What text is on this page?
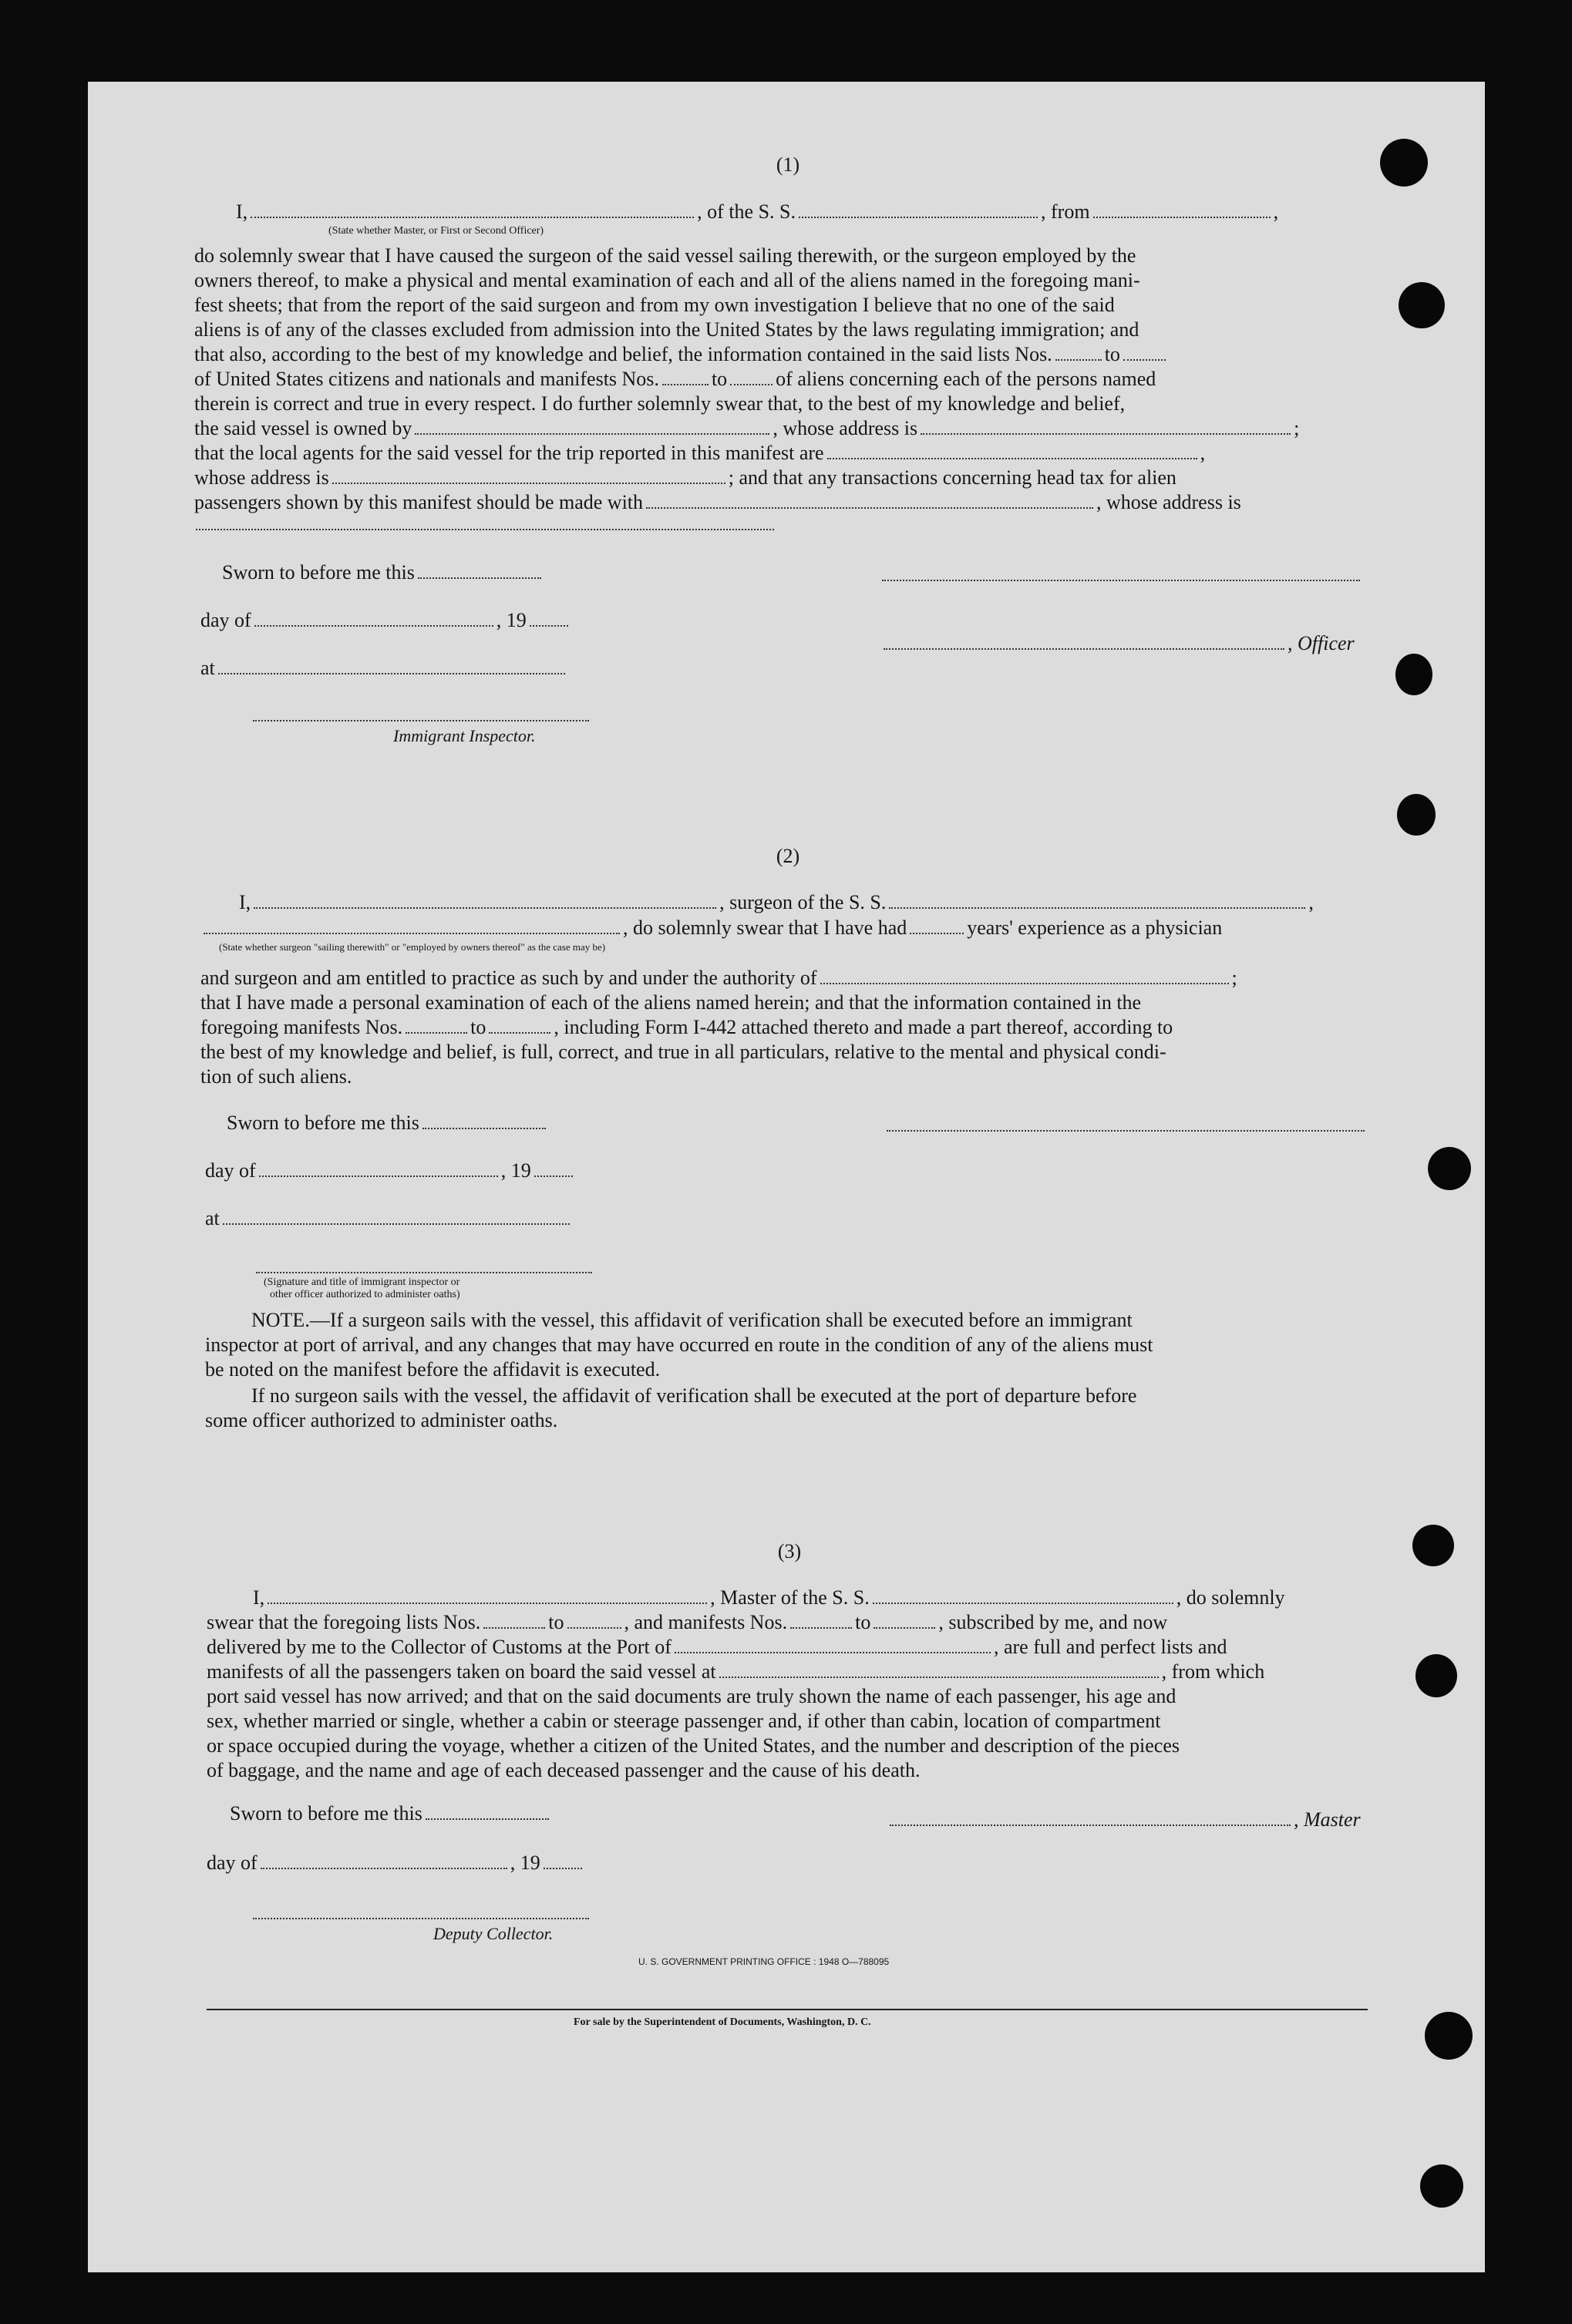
(1)
I,	, of the S. S.	, from	,
(State whether Master, or First or Second Officer)
do solemnly swear that I have caused the surgeon of the said vessel sailing therewith, or the surgeon employed by the
owners thereof, to make a physical and mental examination of each and all of the aliens named in the foregoing mani-
fest sheets; that from the report of the said surgeon and from my own investigation I believe that no one of the said
aliens is of any of the classes excluded from admission into the United States by the laws regulating immigration; and
that also, according to the best of my knowledge and belief, the information contained in the said lists Nos.	to
of United States citizens and nationals and manifests Nos.	to of aliens concerning each of the persons named
therein is correct and true in every respect. I do further solemnly swear that, to the best of my knowledge and belief,
the said vessel is owned by	, whose address is	;
that the local agents for the said vessel for the trip reported in this manifest are	,
whose address is	; and that any transactions concerning head tax for alien
passengers shown by this manifest should be made with	, whose address is
Sworn to before me this
day of	, 19
, Officer
at
Immigrant Inspector.
(2)
I,	, surgeon of the S. S.	,
, do solemnly swear that I have had	years' experience as a physician
(State whether surgeon "sailing therewith" or "employed by owners thereof" as the case may be)
and surgeon and am entitled to practice as such by and under the authority of	;
that I have made a personal examination of each of the aliens named herein; and that the information contained in the
foregoing manifests Nos.	to	, including Form I-442 attached thereto and made a part thereof, according to
the best of my knowledge and belief, is full, correct, and true in all particulars, relative to the mental and physical condi-
tion of such aliens.
Sworn to before me this
day of	, 19
at
(Signature and title of immigrant inspector or
other officer authorized to administer oaths)
NOTE.—If a surgeon sails with the vessel, this affidavit of verification shall be executed before an immigrant
inspector at port of arrival, and any changes that may have occurred en route in the condition of any of the aliens must
be noted on the manifest before the affidavit is executed.
If no surgeon sails with the vessel, the affidavit of verification shall be executed at the port of departure before
some officer authorized to administer oaths.
(3)
I,	, Master of the S. S.	, do solemnly
swear that the foregoing lists Nos.	to	, and manifests Nos.	to	, subscribed by me, and now
delivered by me to the Collector of Customs at the Port of	, are full and perfect lists and
manifests of all the passengers taken on board the said vessel at	, from which
port said vessel has now arrived; and that on the said documents are truly shown the name of each passenger, his age and
sex, whether married or single, whether a cabin or steerage passenger and, if other than cabin, location of compartment
or space occupied during the voyage, whether a citizen of the United States, and the number and description of the pieces
of baggage, and the name and age of each deceased passenger and the cause of his death.
Sworn to before me this	, Master
day of	, 19
Deputy Collector.
U. S. GOVERNMENT PRINTING OFFICE : 1948 O—788095
For sale by the Superintendent of Documents, Washington, D. C.
